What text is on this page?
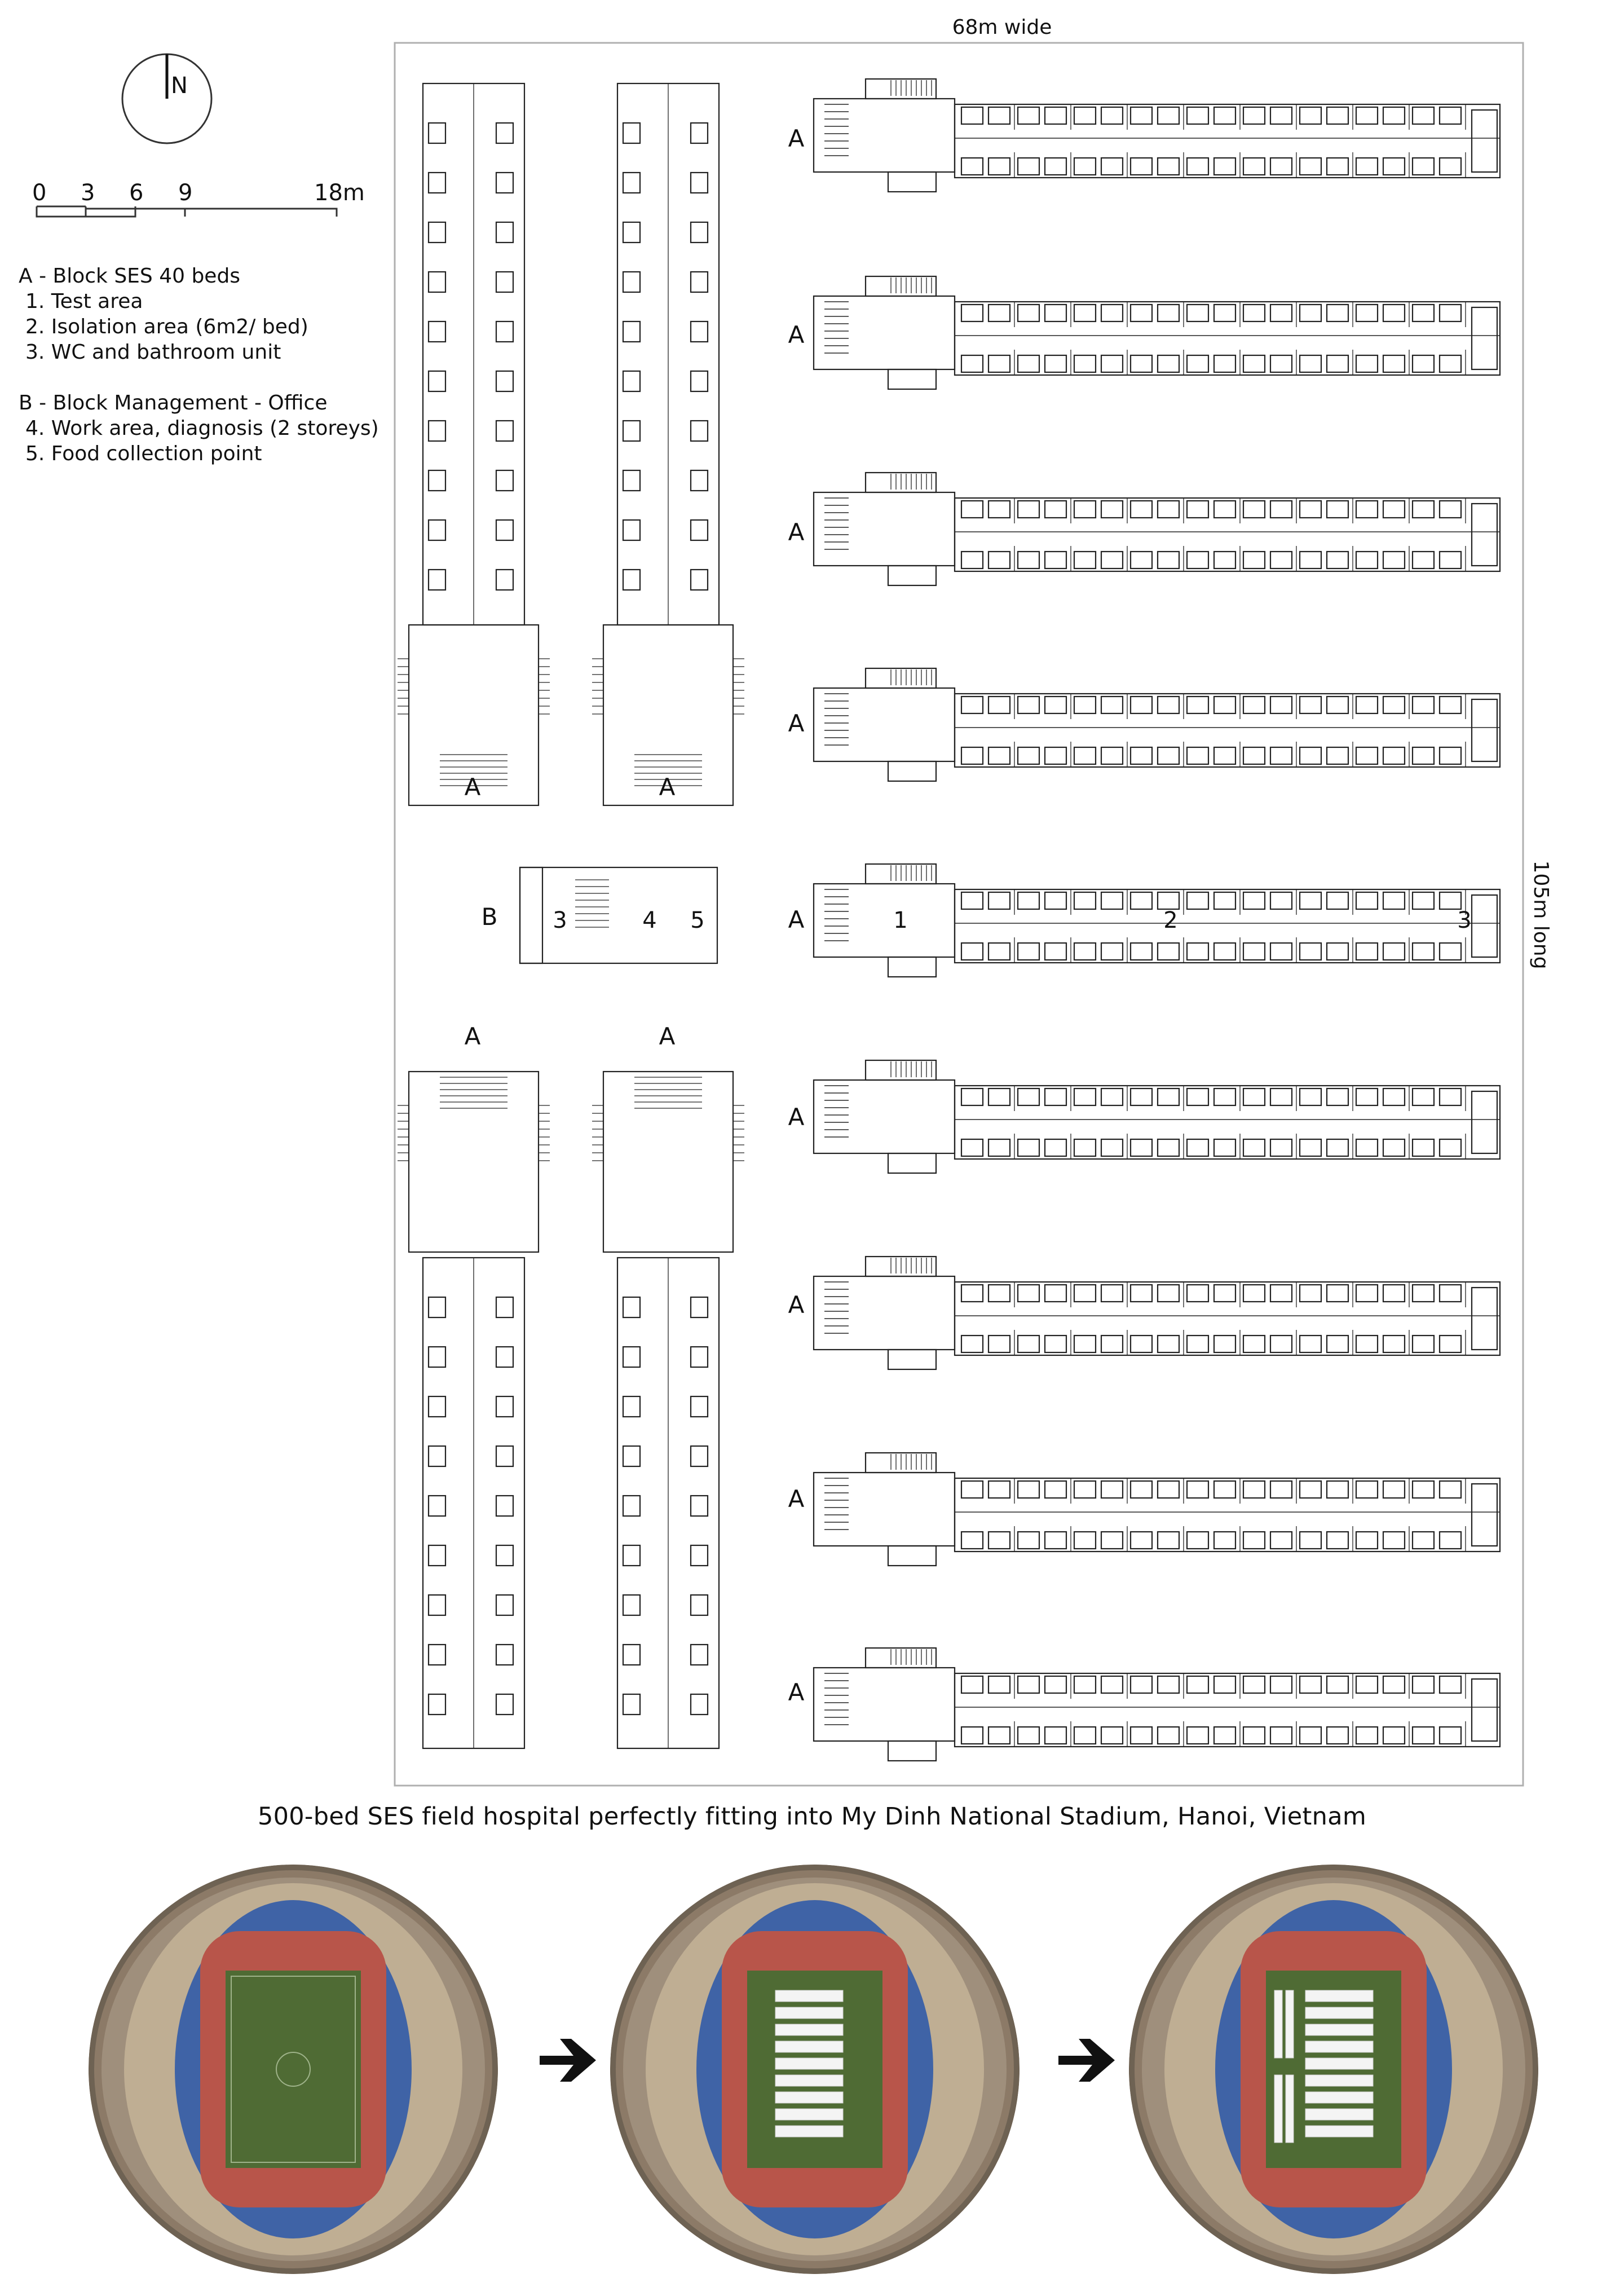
N
0 3 6 9	18m
A - Block SES 40 beds
1. Test area
2. Isolation area (6m2/ bed)
3. WC and bathroom unit
B - Block Management - Office
4. Work area, diagnosis (2 storeys)
5. Food collection point
68m wide
105m long
A	A
A	A
B
A
A
A
A
A
A
A
A
A
1	2	3
3	4 5
500-bed SES field hospital perfectly fitting into My Dinh National Stadium, Hanoi, Vietnam
